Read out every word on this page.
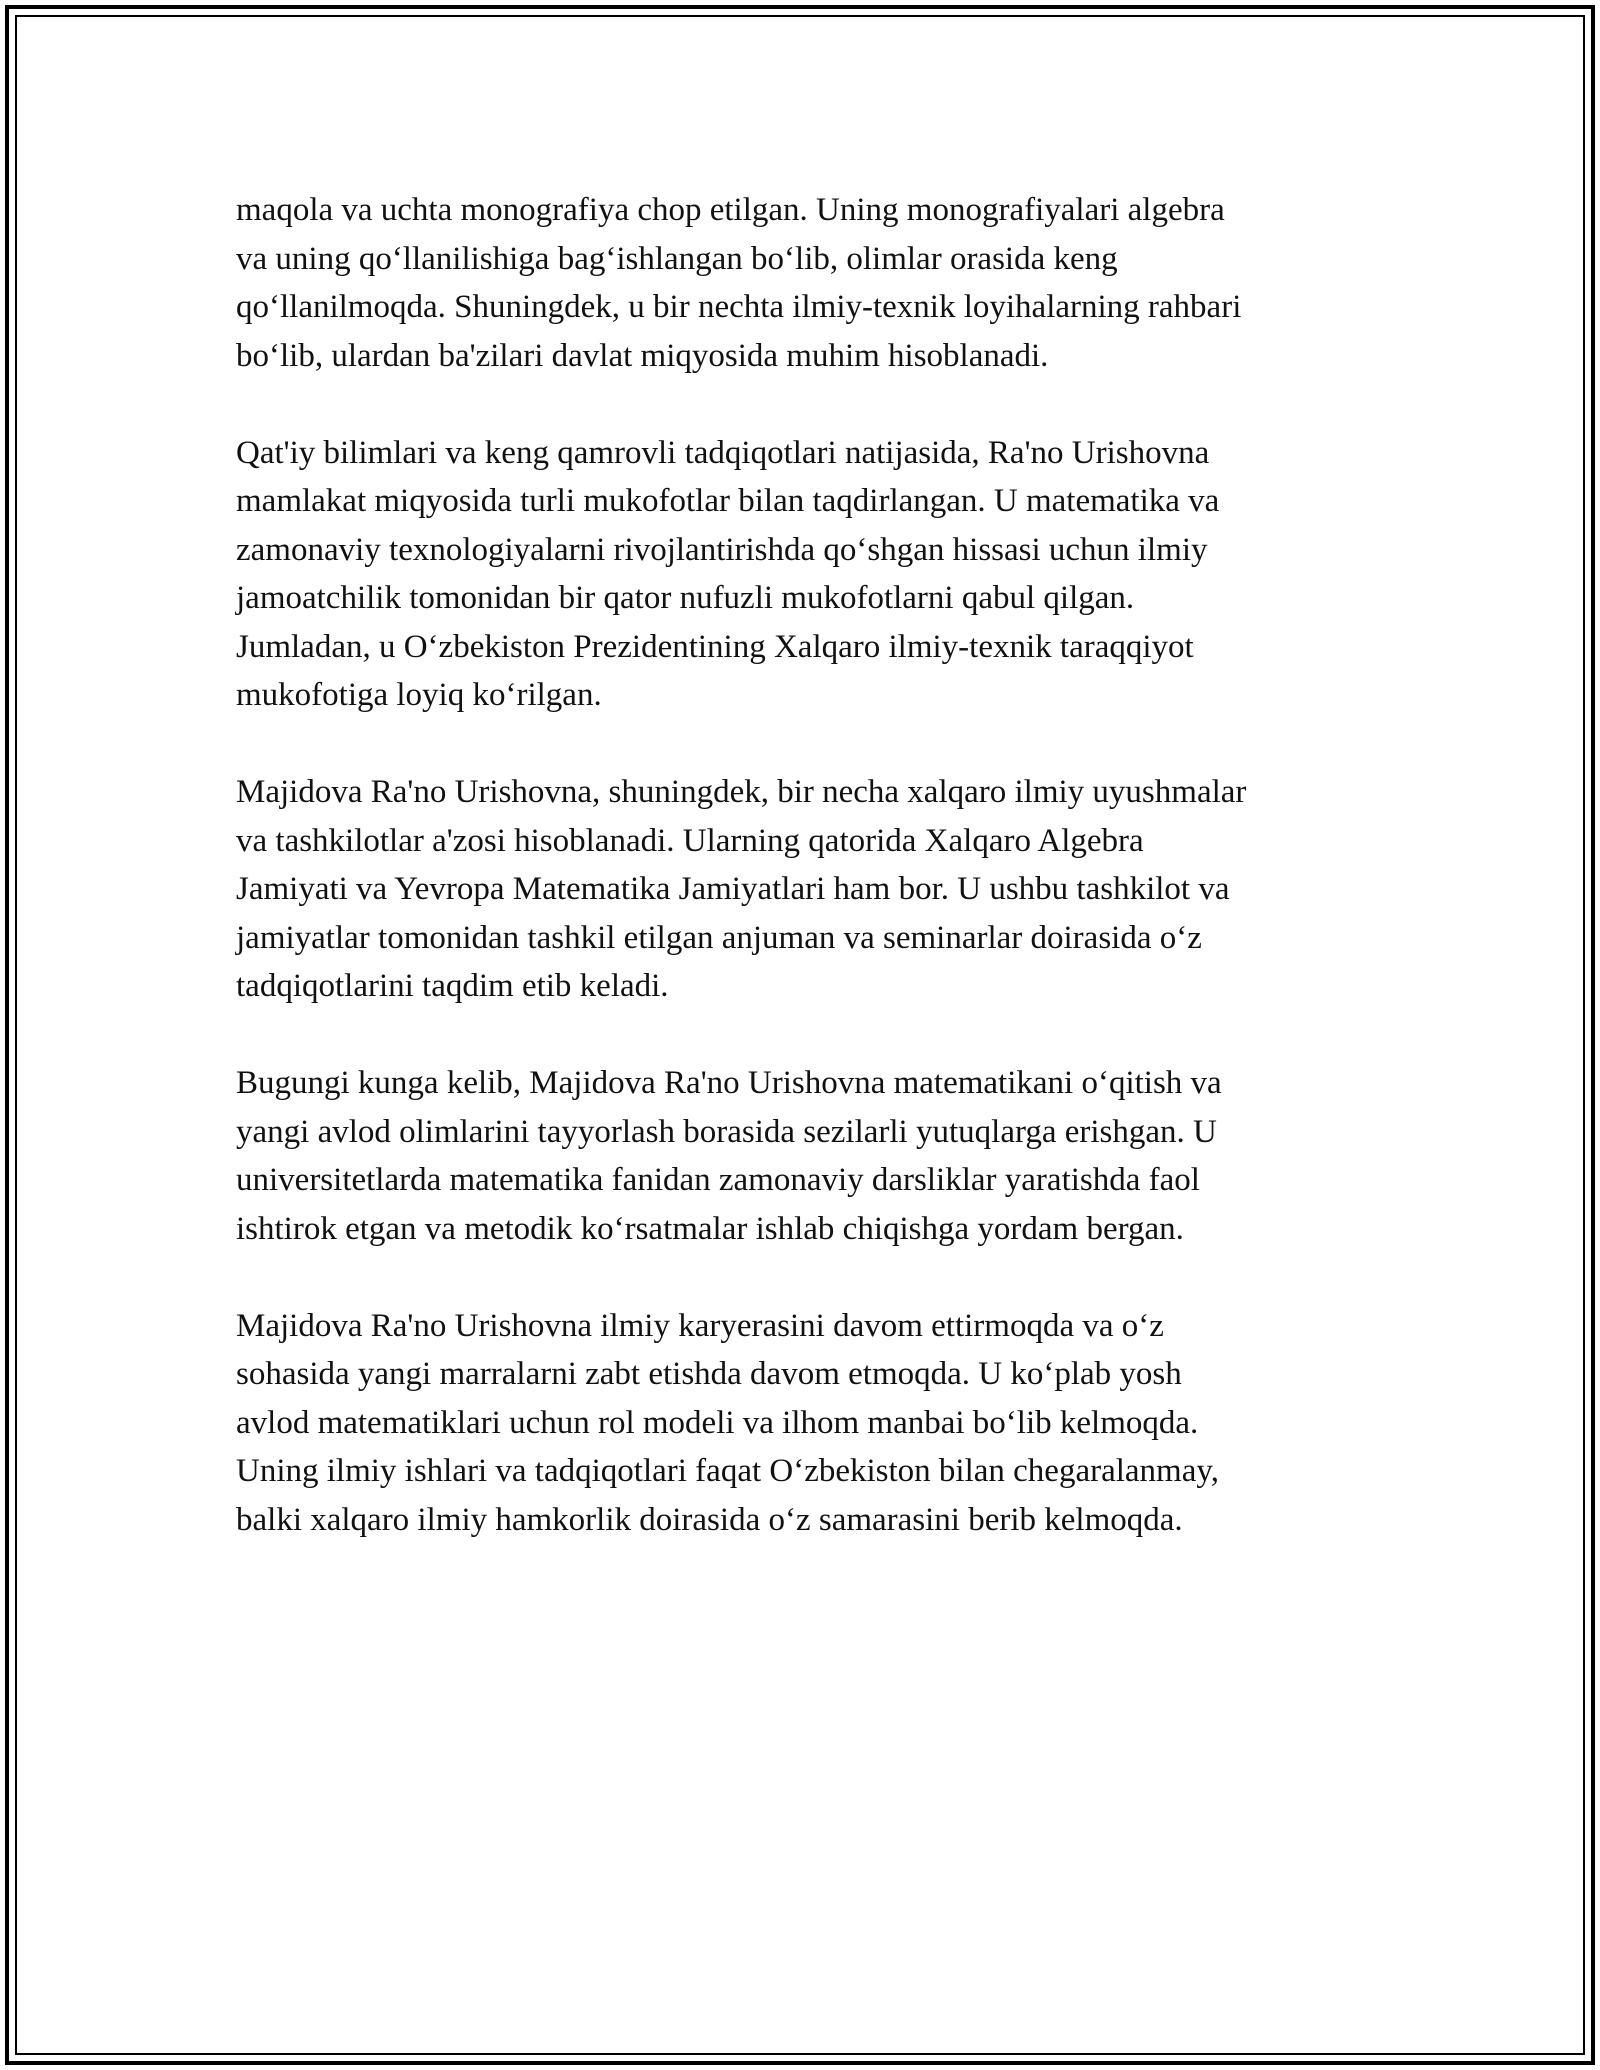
maqola va uchta monografiya chop etilgan. Uning monografiyalari algebra
va uning qo‘llanilishiga bag‘ishlangan bo‘lib, olimlar orasida keng
qo‘llanilmoqda. Shuningdek, u bir nechta ilmiy-texnik loyihalarning rahbari
bo‘lib, ulardan ba'zilari davlat miqyosida muhim hisoblanadi.
Qat'iy bilimlari va keng qamrovli tadqiqotlari natijasida, Ra'no Urishovna
mamlakat miqyosida turli mukofotlar bilan taqdirlangan. U matematika va
zamonaviy texnologiyalarni rivojlantirishda qo‘shgan hissasi uchun ilmiy
jamoatchilik tomonidan bir qator nufuzli mukofotlarni qabul qilgan.
Jumladan, u O‘zbekiston Prezidentining Xalqaro ilmiy-texnik taraqqiyot
mukofotiga loyiq ko‘rilgan.
Majidova Ra'no Urishovna, shuningdek, bir necha xalqaro ilmiy uyushmalar
va tashkilotlar a'zosi hisoblanadi. Ularning qatorida Xalqaro Algebra
Jamiyati va Yevropa Matematika Jamiyatlari ham bor. U ushbu tashkilot va
jamiyatlar tomonidan tashkil etilgan anjuman va seminarlar doirasida o‘z
tadqiqotlarini taqdim etib keladi.
Bugungi kunga kelib, Majidova Ra'no Urishovna matematikani o‘qitish va
yangi avlod olimlarini tayyorlash borasida sezilarli yutuqlarga erishgan. U
universitetlarda matematika fanidan zamonaviy darsliklar yaratishda faol
ishtirok etgan va metodik ko‘rsatmalar ishlab chiqishga yordam bergan.
Majidova Ra'no Urishovna ilmiy karyerasini davom ettirmoqda va o‘z
sohasida yangi marralarni zabt etishda davom etmoqda. U ko‘plab yosh
avlod matematiklari uchun rol modeli va ilhom manbai bo‘lib kelmoqda.
Uning ilmiy ishlari va tadqiqotlari faqat O‘zbekiston bilan chegaralanmay,
balki xalqaro ilmiy hamkorlik doirasida o‘z samarasini berib kelmoqda.
